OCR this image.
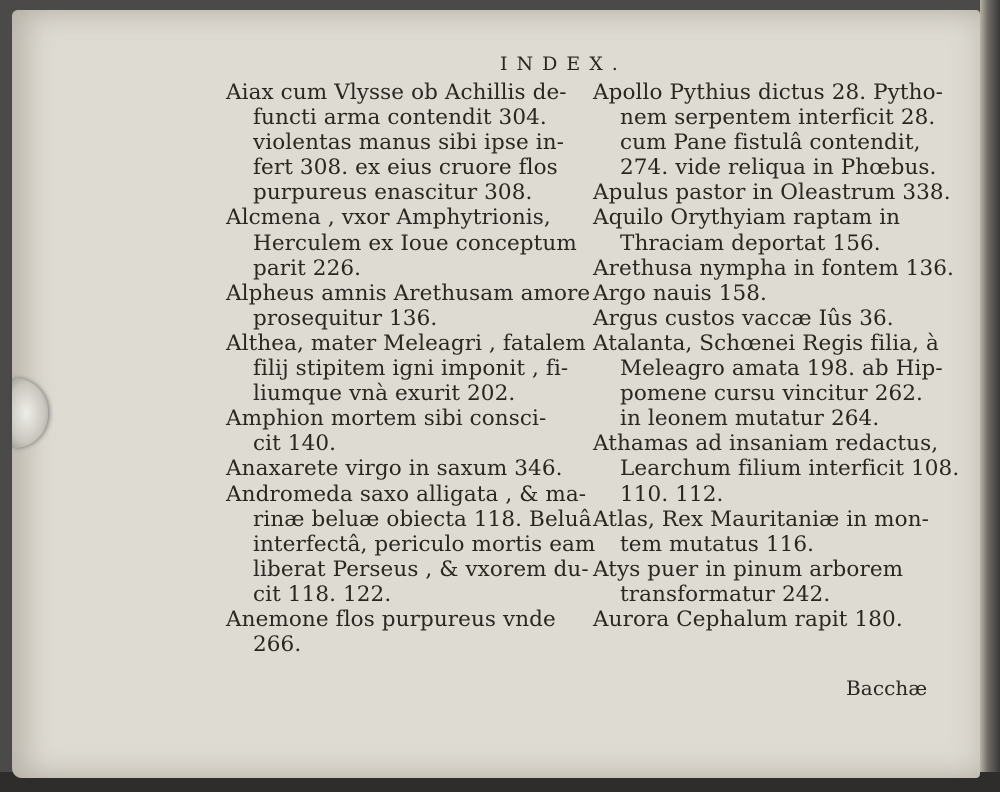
INDEX.
Aiax cum Vlysse ob Achillis de-
functi arma contendit 304.
violentas manus sibi ipse in-
fert 308. ex eius cruore flos
purpureus enascitur 308.
Alcmena , vxor Amphytrionis,
Herculem ex Ioue conceptum
parit 226.
Alpheus amnis Arethusam amore
prosequitur 136.
Althea, mater Meleagri , fatalem
filij stipitem igni imponit , fi-
liumque vnà exurit 202.
Amphion mortem sibi consci-
cit 140.
Anaxarete virgo in saxum 346.
Andromeda saxo alligata , & ma-
rinæ beluæ obiecta 118. Beluâ
interfectâ, periculo mortis eam
liberat Perseus , & vxorem du-
cit 118. 122.
Anemone flos purpureus vnde
266.
Apollo Pythius dictus 28. Pytho-
nem serpentem interficit 28.
cum Pane fistulâ contendit,
274. vide reliqua in Phœbus.
Apulus pastor in Oleastrum 338.
Aquilo Orythyiam raptam in
Thraciam deportat 156.
Arethusa nympha in fontem 136.
Argo nauis 158.
Argus custos vaccæ Iûs 36.
Atalanta, Schœnei Regis filia, à
Meleagro amata 198. ab Hip-
pomene cursu vincitur 262.
in leonem mutatur 264.
Athamas ad insaniam redactus,
Learchum filium interficit 108.
110. 112.
Atlas, Rex Mauritaniæ in mon-
tem mutatus 116.
Atys puer in pinum arborem
transformatur 242.
Aurora Cephalum rapit 180.
Bacchæ
